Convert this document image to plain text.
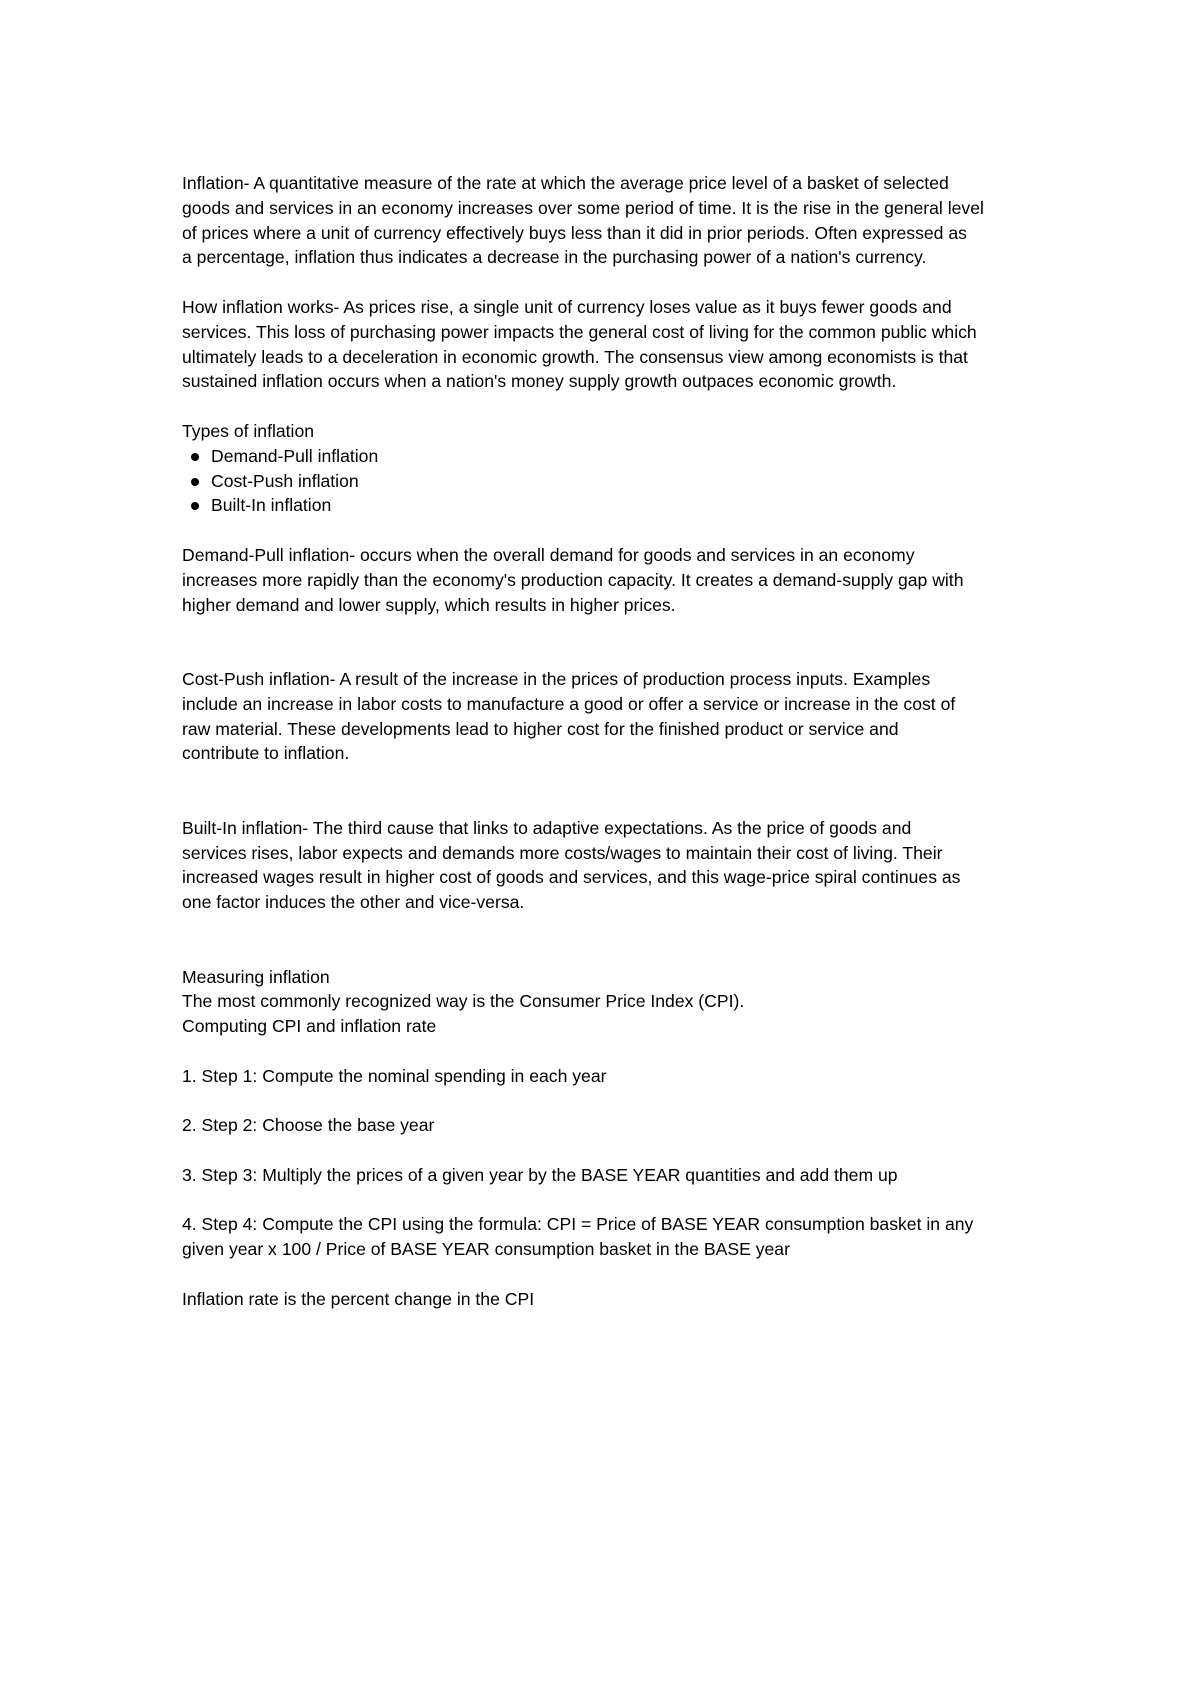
Inflation- A quantitative measure of the rate at which the average price level of a basket of selected
goods and services in an economy increases over some period of time. It is the rise in the general level
of prices where a unit of currency effectively buys less than it did in prior periods. Often expressed as
a percentage, inflation thus indicates a decrease in the purchasing power of a nation's currency.

How inflation works- As prices rise, a single unit of currency loses value as it buys fewer goods and
services. This loss of purchasing power impacts the general cost of living for the common public which
ultimately leads to a deceleration in economic growth. The consensus view among economists is that
sustained inflation occurs when a nation's money supply growth outpaces economic growth.

Types of inflation
Demand-Pull inflation
Cost-Push inflation
Built-In inflation

Demand-Pull inflation- occurs when the overall demand for goods and services in an economy
increases more rapidly than the economy's production capacity. It creates a demand-supply gap with
higher demand and lower supply, which results in higher prices.

Cost-Push inflation- A result of the increase in the prices of production process inputs. Examples
include an increase in labor costs to manufacture a good or offer a service or increase in the cost of
raw material. These developments lead to higher cost for the finished product or service and
contribute to inflation.

Built-In inflation- The third cause that links to adaptive expectations. As the price of goods and
services rises, labor expects and demands more costs/wages to maintain their cost of living. Their
increased wages result in higher cost of goods and services, and this wage-price spiral continues as
one factor induces the other and vice-versa.

Measuring inflation
The most commonly recognized way is the Consumer Price Index (CPI).
Computing CPI and inflation rate

1. Step 1: Compute the nominal spending in each year

2. Step 2: Choose the base year

3. Step 3: Multiply the prices of a given year by the BASE YEAR quantities and add them up

4. Step 4: Compute the CPI using the formula: CPI = Price of BASE YEAR consumption basket in any
given year x 100 / Price of BASE YEAR consumption basket in the BASE year

Inflation rate is the percent change in the CPI
